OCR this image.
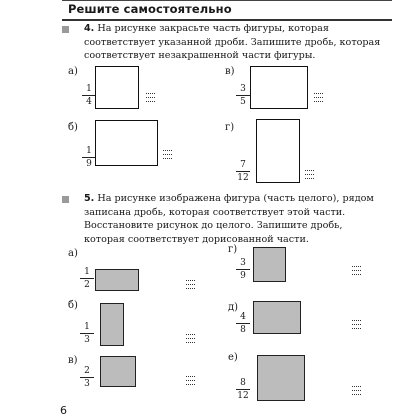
Решите самостоятельно
4. На рисунке закрасьте часть фигуры, которая соответствует указанной дроби. Запишите дробь, которая соответствует незакрашенной части фигуры.
а)
1
4
в)
3
5
б)
1
9
г)
7
12
5. На рисунке изображена фигура (часть целого), рядом записана дробь, которая соответствует этой части. Восстановите рисунок до целого. Запишите дробь, которая соответствует дорисованной части.
а)
1
2
г)
3
9
б)
1
3
д)
4
8
в)
2
3
е)
8
12
6
